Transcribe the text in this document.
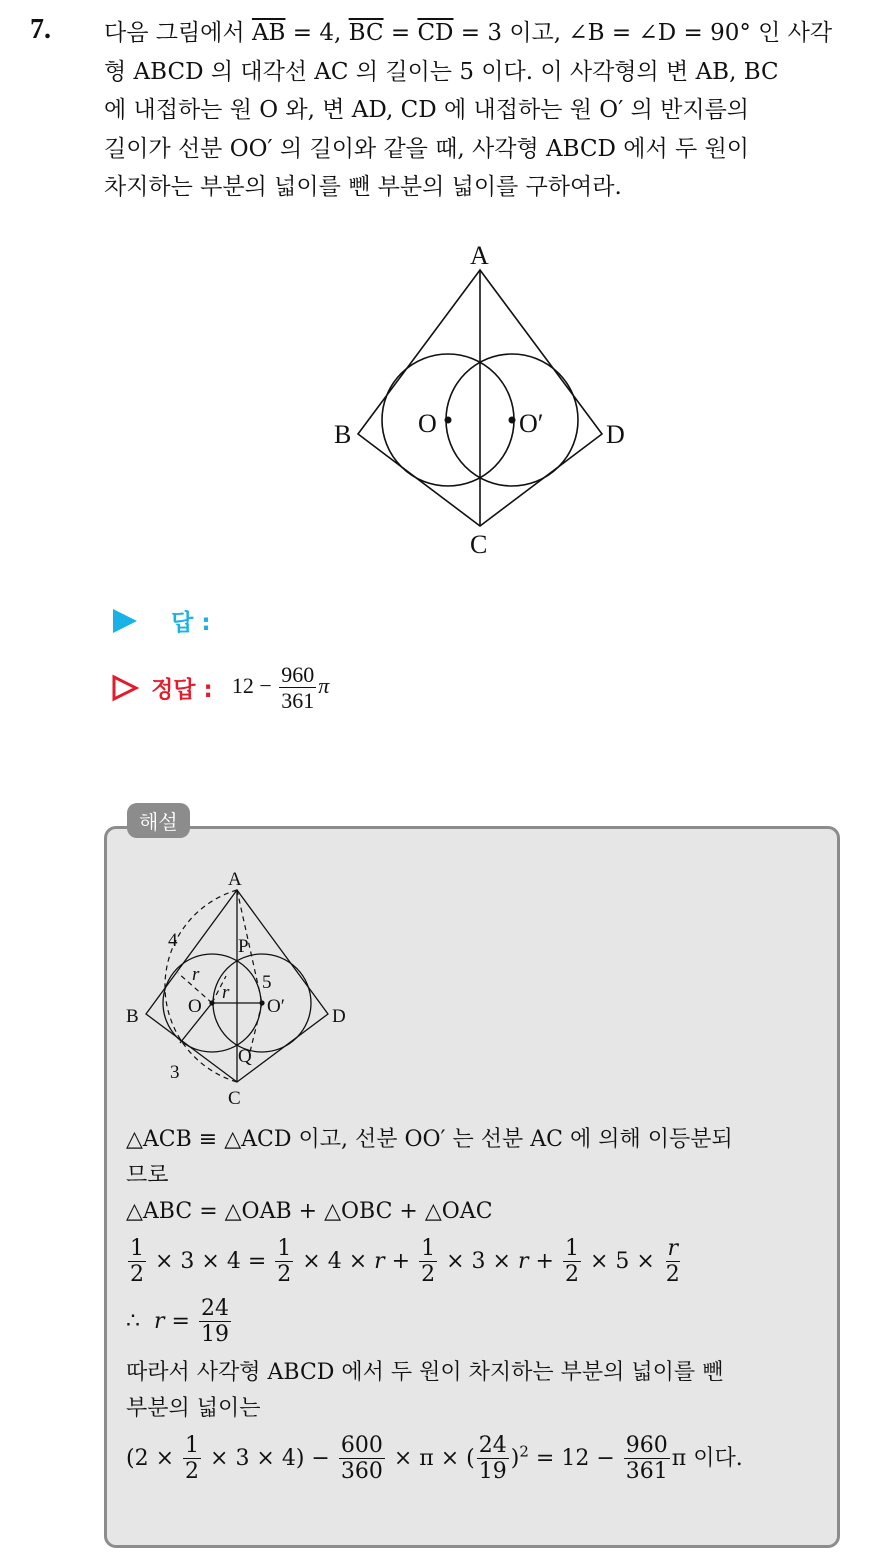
7. 다음 그림에서 $\overline{AB} = 4$, $\overline{BC} = \overline{CD} = 3$ 이고, ∠B = ∠D = 90° 인 사각

형 ABCD 의 대각선 AC 의 길이는 5 이다. 이 사각형의 변 AB, BC

에 내접하는 원 O 와, 변 AD, CD 에 내접하는 원 O′ 의 반지름의

길이가 선분 OO′ 의 길이와 같을 때, 사각형 ABCD 에서 두 원이

차지하는 부분의 넓이를 뺀 부분의 넓이를 구하여라.

A
B
C
D
O	O′
답 :
정답 : $12 - \frac{960}{361}$ π
해설
A
B
C
D
O	O′
P
Q
r
r
4
5
3

△ACB ≡ △ACD 이고, 선분 OO′ 는 선분 AC 에 의해 이등분되

므로

△ABC = △OAB + △OBC + △OAC

$\frac{1}{2} \times 3 \times 4 = \frac{1}{2} \times 4 \times r + \frac{1}{2} \times 3 \times r + \frac{1}{2} \times 5 \times \frac{r}{2}$

∴ $r = \frac{24}{19}$

따라서 사각형 ABCD 에서 두 원이 차지하는 부분의 넓이를 뺀

부분의 넓이는

$(2 \times \frac{1}{2} \times 3 \times 4) - \frac{600}{360} \times \pi$ × ( $\frac{24}{19} )^2 = 12 - \frac{960}{361}$ π 이다.
